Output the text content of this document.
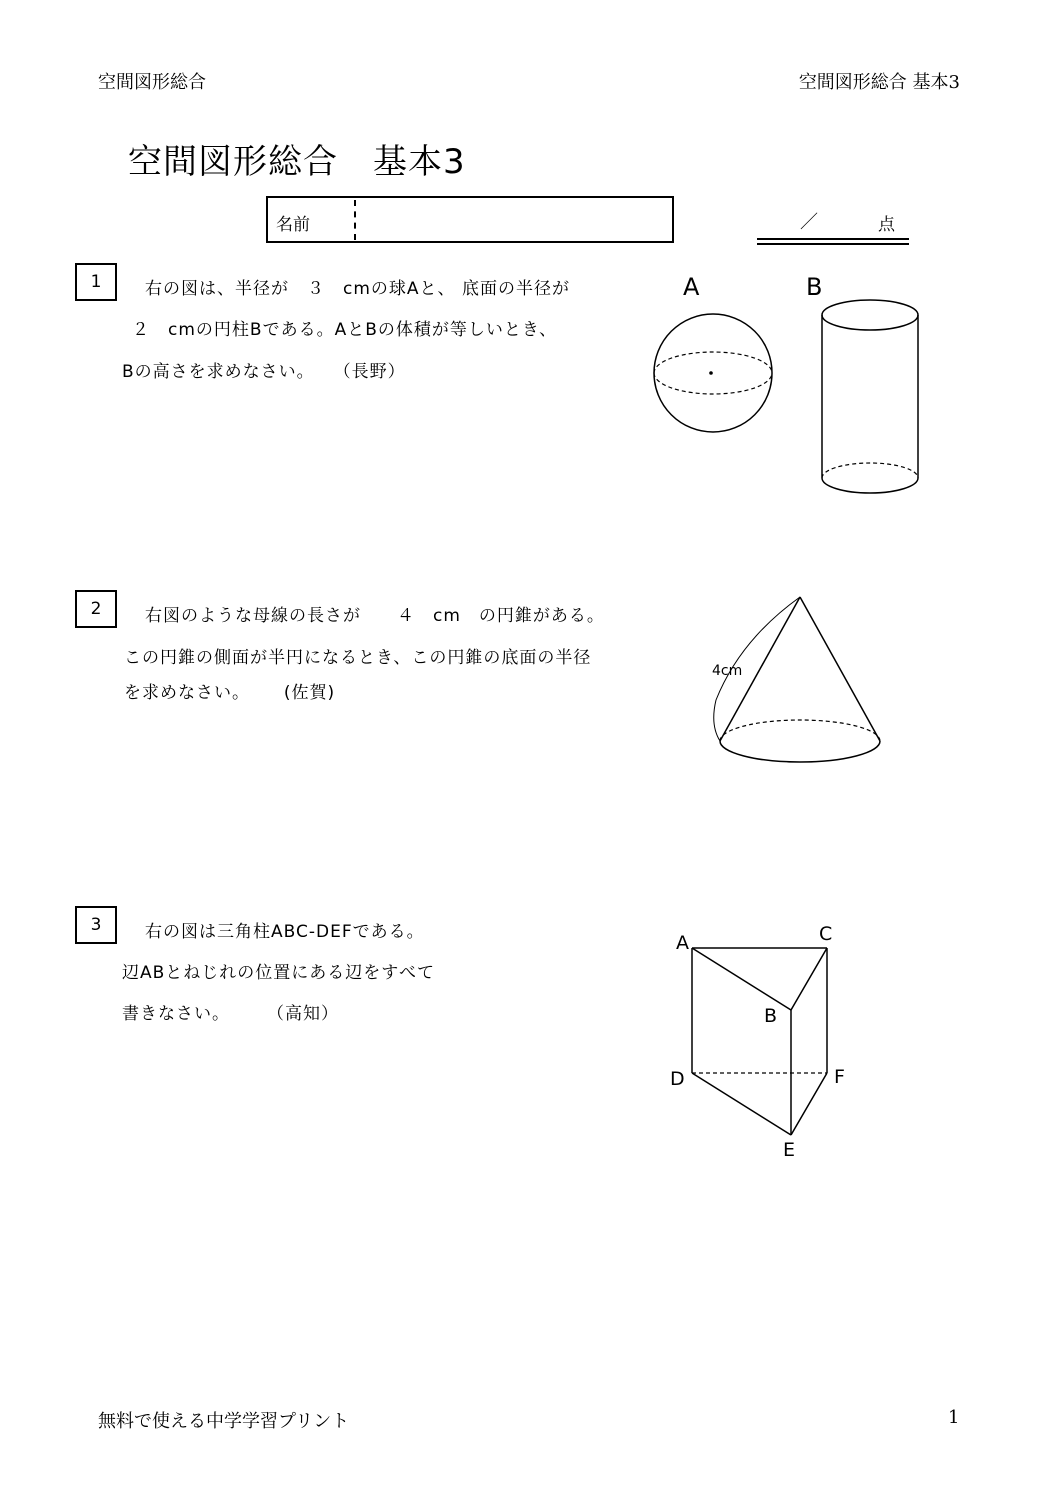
空間図形総合	空間図形総合 基本3
空間図形総合　基本3
名前	／	点
1	右の図は、半径が　３　cmの球Aと、 底面の半径が
２　cmの円柱Bである。AとBの体積が等しいとき、
Bの高さを求めなさい。　　（長野）
A	B
2	右図のような母線の長さが　　４　cm　の円錐がある。
この円錐の側面が半円になるとき、この円錐の底面の半径
を求めなさい。　　 (佐賀)
4cm
3	右の図は三角柱ABC-DEFである。
辺ABとねじれの位置にある辺をすべて
書きなさい。　　　（高知）
A
B
C
D
E
F
無料で使える中学学習プリント	1
